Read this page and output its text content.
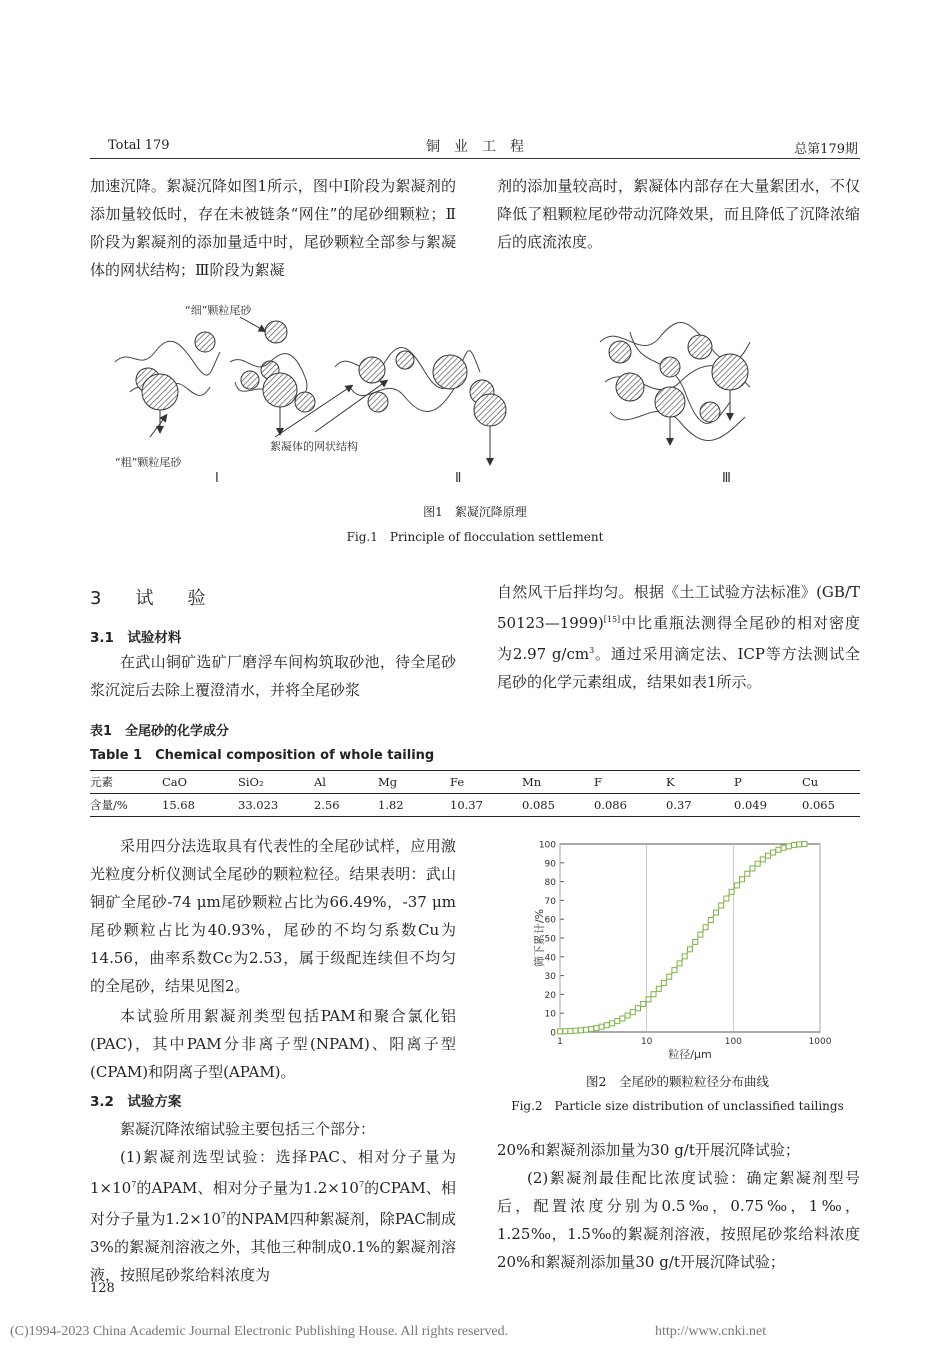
Total 179	铜　业　工　程	总第179期

加速沉降。絮凝沉降如图1所示，图中Ⅰ阶段为絮凝剂的添加量较低时，存在未被链条“网住”的尾砂细颗粒；Ⅱ阶段为絮凝剂的添加量适中时，尾砂颗粒全部参与絮凝体的网状结构；Ⅲ阶段为絮凝

剂的添加量较高时，絮凝体内部存在大量絮团水，不仅降低了粗颗粒尾砂带动沉降效果，而且降低了沉降浓缩后的底流浓度。

“细”颗粒尾砂
“粗”颗粒尾砂
Ⅰ
絮凝体的网状结构
Ⅱ	Ⅲ
图1　絮凝沉降原理
Fig.1　Principle of flocculation settlement
3　试　验
3.1　试验材料
在武山铜矿选矿厂磨浮车间构筑取砂池，待全尾砂浆沉淀后去除上覆澄清水，并将全尾砂浆
自然风干后拌均匀。根据《土工试验方法标准》(GB/T 50123—1999)[15]中比重瓶法测得全尾砂的相对密度为2.97 $g/cm^3$。通过采用滴定法、ICP等方法测试全尾砂的化学元素组成，结果如表1所示。
表1　全尾砂的化学成分
Table 1　Chemical composition of whole tailing
元素	CaO	SiO₂	Al	Mg	Fe	Mn	F	K	P	Cu
含量/%	15.68	33.023	2.56	1.82	10.37	0.085	0.086	0.37	0.049	0.065

采用四分法选取具有代表性的全尾砂试样，应用激光粒度分析仪测试全尾砂的颗粒粒径。结果表明：武山铜矿全尾砂-74 μm尾砂颗粒占比为66.49%，-37 μm尾砂颗粒占比为40.93%，尾砂的不均匀系数Cu为14.56，曲率系数Cc为2.53，属于级配连续但不均匀的全尾砂，结果见图2。

本试验所用絮凝剂类型包括PAM和聚合氯化铝(PAC)，其中PAM分非离子型(NPAM)、阳离子型(CPAM)和阴离子型(APAM)。

3.2　试验方案

絮凝沉降浓缩试验主要包括三个部分：

(1)絮凝剂选型试验：选择PAC、相对分子量为$1\times 10^7$的APAM、相对分子量为$1.2\times 10^7$的CPAM、相对分子量为$1.2\times 10^7$的NPAM四种絮凝剂，除PAC制成3%的絮凝剂溶液之外，其他三种制成0.1%的絮凝剂溶液，按照尾砂浆给料浓度为

0
10
20
30
40
50
60
70
80
90
100
1	10	100	1000
粒径/μm
筛下累计/%
图2　全尾砂的颗粒粒径分布曲线
Fig.2　Particle size distribution of unclassified tailings

20%和絮凝剂添加量为30 g/t开展沉降试验；

(2)絮凝剂最佳配比浓度试验：确定絮凝剂型号后，配置浓度分别为0.5‰，0.75‰，1‰，1.25‰，1.5‰的絮凝剂溶液，按照尾砂浆给料浓度20%和絮凝剂添加量30 g/t开展沉降试验；

128
(C)1994-2023 China Academic Journal Electronic Publishing House. All rights reserved.	http://www.cnki.net
